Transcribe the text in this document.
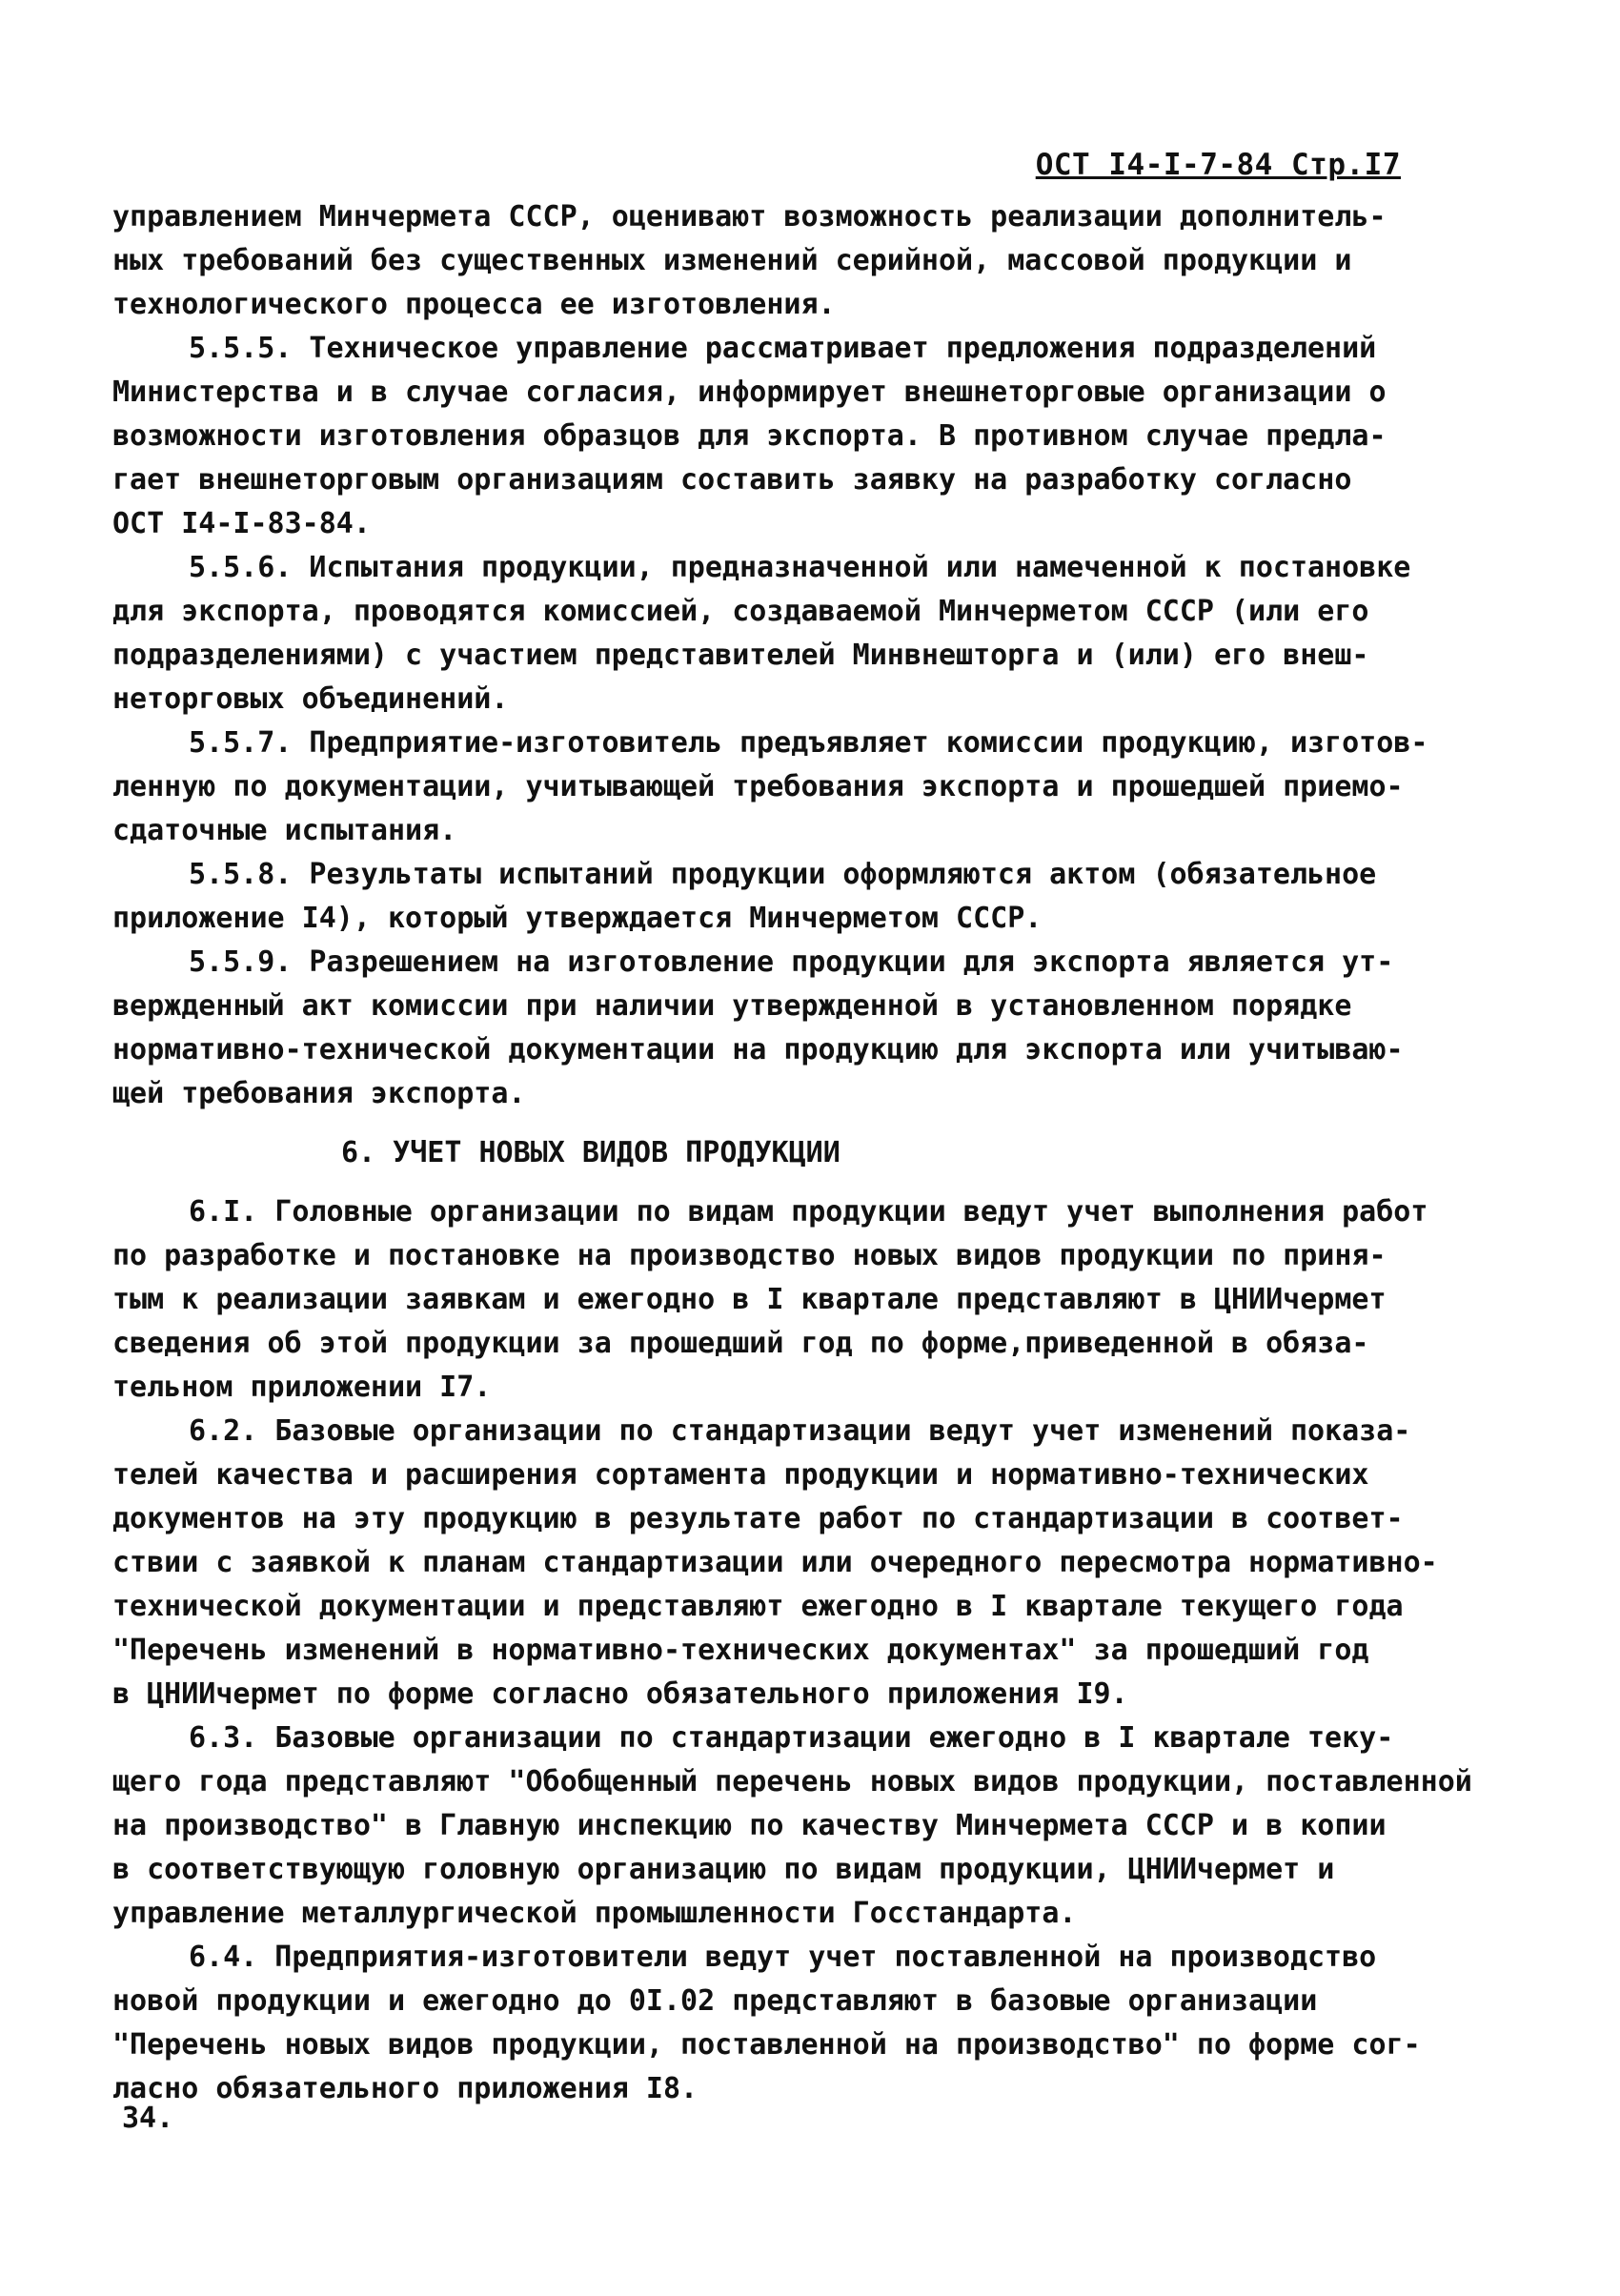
ОСТ I4-I-7-84 Стр.I7
управлением Минчермета СССР, оценивают возможность реализации дополнитель-
ных требований без существенных изменений серийной, массовой продукции и
технологического процесса ее изготовления.
5.5.5. Техническое управление рассматривает предложения подразделений
Министерства и в случае согласия, информирует внешнеторговые организации о
возможности изготовления образцов для экспорта. В противном случае предла-
гает внешнеторговым организациям составить заявку на разработку согласно
ОСТ I4-I-83-84.
5.5.6. Испытания продукции, предназначенной или намеченной к постановке
для экспорта, проводятся комиссией, создаваемой Минчерметом СССР (или его
подразделениями) с участием представителей Минвнешторга и (или) его внеш-
неторговых объединений.
5.5.7. Предприятие-изготовитель предъявляет комиссии продукцию, изготов-
ленную по документации, учитывающей требования экспорта и прошедшей приемо-
сдаточные испытания.
5.5.8. Результаты испытаний продукции оформляются актом (обязательное
приложение I4), который утверждается Минчерметом СССР.
5.5.9. Разрешением на изготовление продукции для экспорта является ут-
вержденный акт комиссии при наличии утвержденной в установленном порядке
нормативно-технической документации на продукцию для экспорта или учитываю-
щей требования экспорта.
6. УЧЕТ НОВЫХ ВИДОВ ПРОДУКЦИИ
6.I. Головные организации по видам продукции ведут учет выполнения работ
по разработке и постановке на производство новых видов продукции по приня-
тым к реализации заявкам и ежегодно в I квартале представляют в ЦНИИчермет
сведения об этой продукции за прошедший год по форме,приведенной в обяза-
тельном приложении I7.
6.2. Базовые организации по стандартизации ведут учет изменений показа-
телей качества и расширения сортамента продукции и нормативно-технических
документов на эту продукцию в результате работ по стандартизации в соответ-
ствии с заявкой к планам стандартизации или очередного пересмотра нормативно-
технической документации и представляют ежегодно в I квартале текущего года
"Перечень изменений в нормативно-технических документах" за прошедший год
в ЦНИИчермет по форме согласно обязательного приложения I9.
6.3. Базовые организации по стандартизации ежегодно в I квартале теку-
щего года представляют "Обобщенный перечень новых видов продукции, поставленной
на производство" в Главную инспекцию по качеству Минчермета СССР и в копии
в соответствующую головную организацию по видам продукции, ЦНИИчермет и
управление металлургической промышленности Госстандарта.
6.4. Предприятия-изготовители ведут учет поставленной на производство
новой продукции и ежегодно до 0I.02 представляют в базовые организации
"Перечень новых видов продукции, поставленной на производство" по форме сог-
ласно обязательного приложения I8.
34.
